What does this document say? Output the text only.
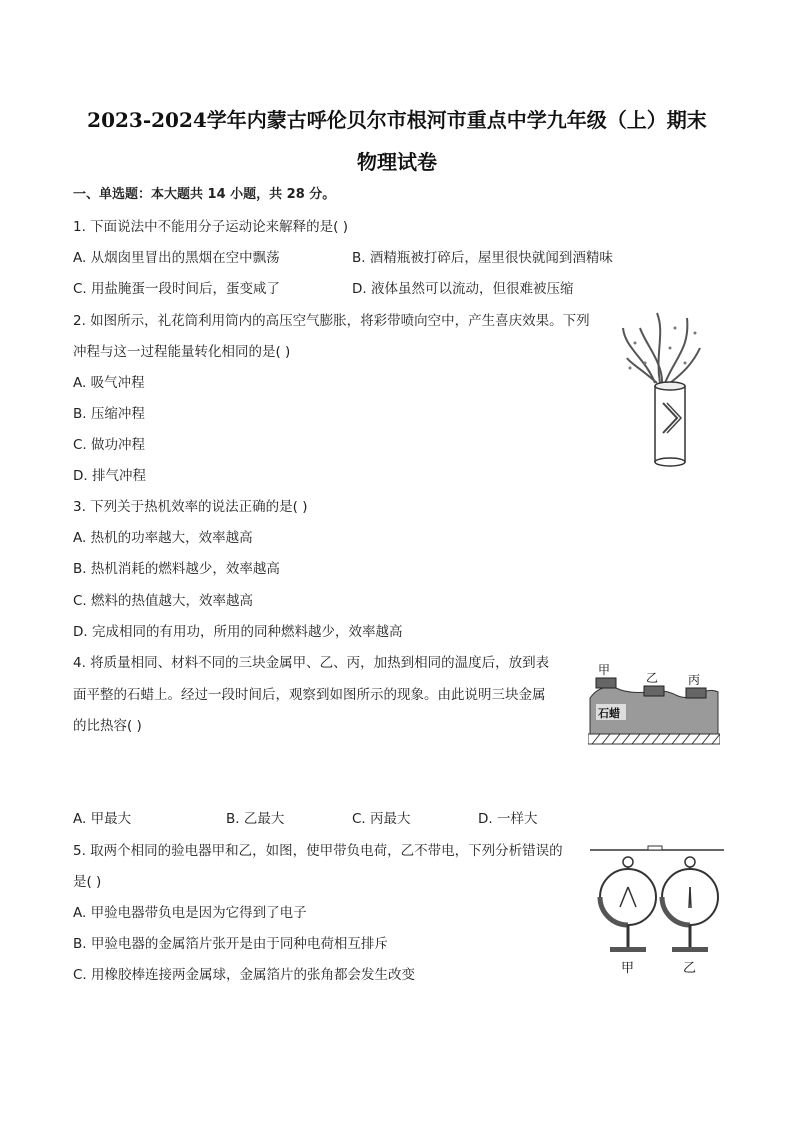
2023-2024学年内蒙古呼伦贝尔市根河市重点中学九年级（上）期末
物理试卷
一、单选题：本大题共 14 小题，共 28 分。
1. 下面说法中不能用分子运动论来解释的是( )
A. 从烟囱里冒出的黑烟在空中飘荡	B. 酒精瓶被打碎后，屋里很快就闻到酒精味
C. 用盐腌蛋一段时间后，蛋变咸了	D. 液体虽然可以流动，但很难被压缩
2. 如图所示，礼花筒利用筒内的高压空气膨胀，将彩带喷向空中，产生喜庆效果。下列
冲程与这一过程能量转化相同的是( )
A. 吸气冲程
B. 压缩冲程
C. 做功冲程
D. 排气冲程
3. 下列关于热机效率的说法正确的是( )
A. 热机的功率越大，效率越高
B. 热机消耗的燃料越少，效率越高
C. 燃料的热值越大，效率越高
D. 完成相同的有用功，所用的同种燃料越少，效率越高
4. 将质量相同、材料不同的三块金属甲、乙、丙，加热到相同的温度后，放到表
面平整的石蜡上。经过一段时间后，观察到如图所示的现象。由此说明三块金属
的比热容( )
甲
乙 丙
石蜡
A. 甲最大	B. 乙最大	C. 丙最大	D. 一样大
5. 取两个相同的验电器甲和乙，如图，使甲带负电荷，乙不带电，下列分析错误的
是( )
A. 甲验电器带负电是因为它得到了电子
B. 甲验电器的金属箔片张开是由于同种电荷相互排斥
C. 用橡胶棒连接两金属球，金属箔片的张角都会发生改变	甲	乙
